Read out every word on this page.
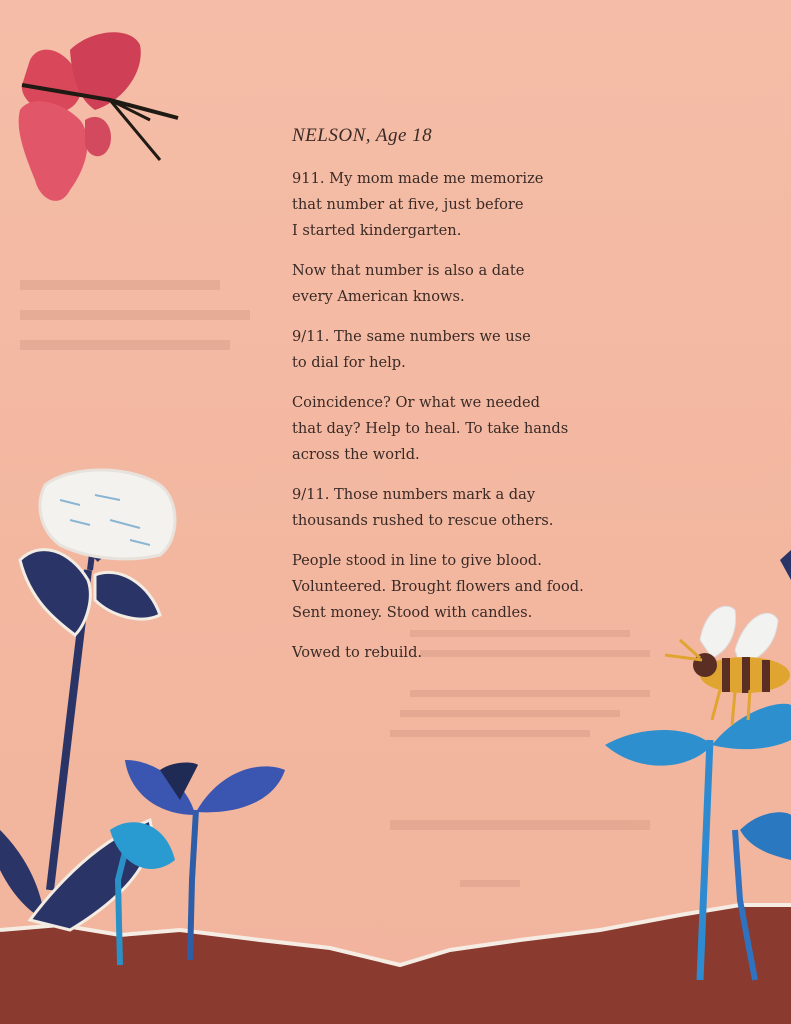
NELSON, Age 18
911. My mom made me memorize
that number at five, just before
I started kindergarten.
Now that number is also a date
every American knows.
9/11. The same numbers we use
to dial for help.
Coincidence? Or what we needed
that day? Help to heal. To take hands
across the world.
9/11. Those numbers mark a day
thousands rushed to rescue others.
People stood in line to give blood.
Volunteered. Brought flowers and food.
Sent money. Stood with candles.
Vowed to rebuild.
